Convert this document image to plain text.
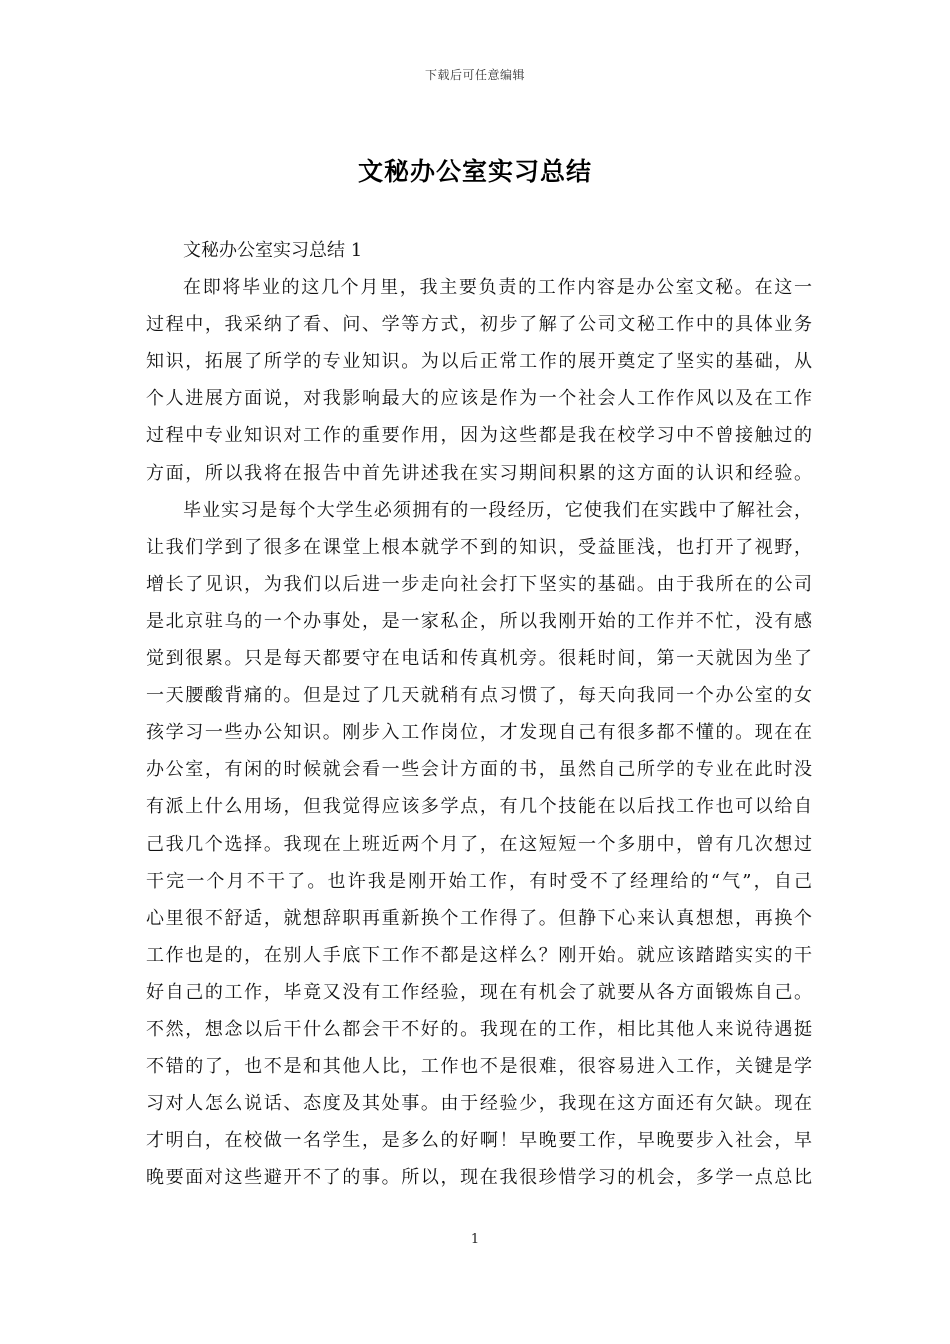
下载后可任意编辑
文秘办公室实习总结
文秘办公室实习总结 1
在即将毕业的这几个月里，我主要负责的工作内容是办公室文秘。在这一
过程中，我采纳了看、问、学等方式，初步了解了公司文秘工作中的具体业务
知识，拓展了所学的专业知识。为以后正常工作的展开奠定了坚实的基础，从
个人进展方面说，对我影响最大的应该是作为一个社会人工作作风以及在工作
过程中专业知识对工作的重要作用，因为这些都是我在校学习中不曾接触过的
方面，所以我将在报告中首先讲述我在实习期间积累的这方面的认识和经验。
毕业实习是每个大学生必须拥有的一段经历，它使我们在实践中了解社会，
让我们学到了很多在课堂上根本就学不到的知识，受益匪浅，也打开了视野，
增长了见识，为我们以后进一步走向社会打下坚实的基础。由于我所在的公司
是北京驻乌的一个办事处，是一家私企，所以我刚开始的工作并不忙，没有感
觉到很累。只是每天都要守在电话和传真机旁。很耗时间，第一天就因为坐了
一天腰酸背痛的。但是过了几天就稍有点习惯了，每天向我同一个办公室的女
孩学习一些办公知识。刚步入工作岗位，才发现自己有很多都不懂的。现在在
办公室，有闲的时候就会看一些会计方面的书，虽然自己所学的专业在此时没
有派上什么用场，但我觉得应该多学点，有几个技能在以后找工作也可以给自
己我几个选择。我现在上班近两个月了，在这短短一个多朋中，曾有几次想过
干完一个月不干了。也许我是刚开始工作，有时受不了经理给的“气”，自己
心里很不舒适，就想辞职再重新换个工作得了。但静下心来认真想想，再换个
工作也是的，在别人手底下工作不都是这样么？刚开始。就应该踏踏实实的干
好自己的工作，毕竟又没有工作经验，现在有机会了就要从各方面锻炼自己。
不然，想念以后干什么都会干不好的。我现在的工作，相比其他人来说待遇挺
不错的了，也不是和其他人比，工作也不是很难，很容易进入工作，关键是学
习对人怎么说话、态度及其处事。由于经验少，我现在这方面还有欠缺。现在
才明白，在校做一名学生，是多么的好啊！早晚要工作，早晚要步入社会，早
晚要面对这些避开不了的事。所以，现在我很珍惜学习的机会，多学一点总比
1
